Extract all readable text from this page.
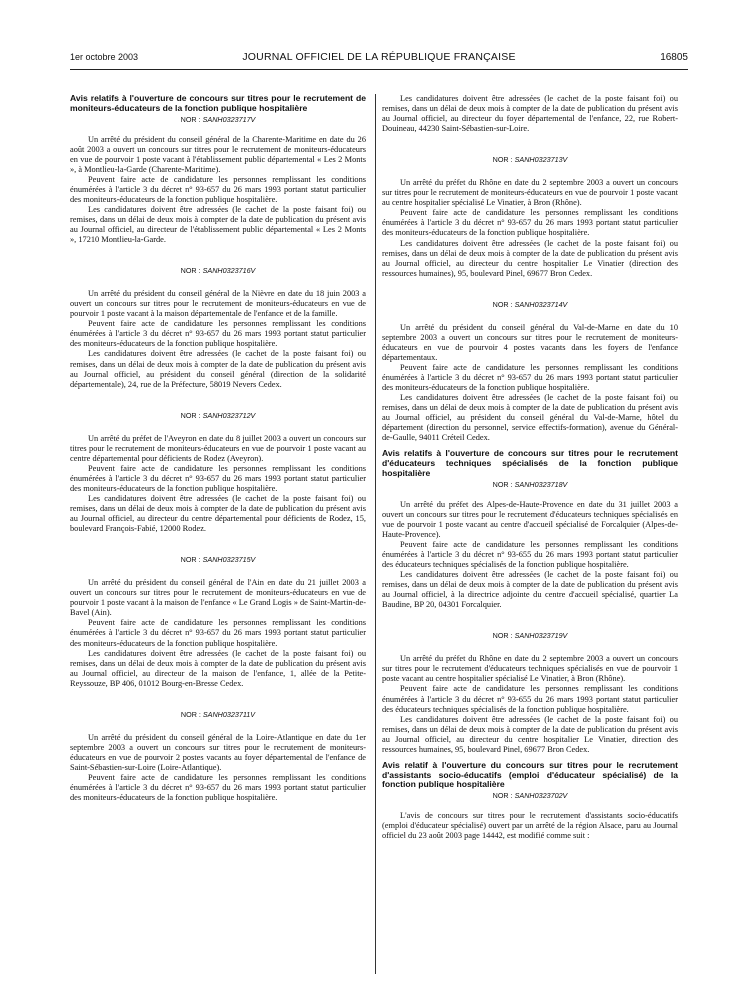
1er octobre 2003	JOURNAL OFFICIEL DE LA RÉPUBLIQUE FRANÇAISE	16805
Avis relatifs à l'ouverture de concours sur titres pour le recrutement de moniteurs-éducateurs de la fonction publique hospitalière
NOR : SANH0323717V

Un arrêté du président du conseil général de la Charente-Maritime en date du 26 août 2003 a ouvert un concours sur titres pour le recrutement de moniteurs-éducateurs en vue de pourvoir 1 poste vacant à l'établissement public départemental « Les 2 Monts », à Montlieu-la-Garde (Charente-Maritime).

Peuvent faire acte de candidature les personnes remplissant les conditions énumérées à l'article 3 du décret n° 93-657 du 26 mars 1993 portant statut particulier des moniteurs-éducateurs de la fonction publique hospitalière.

Les candidatures doivent être adressées (le cachet de la poste faisant foi) ou remises, dans un délai de deux mois à compter de la date de publication du présent avis au Journal officiel, au directeur de l'établissement public départemental « Les 2 Monts », 17210 Montlieu-la-Garde.

NOR : SANH0323716V

Un arrêté du président du conseil général de la Nièvre en date du 18 juin 2003 a ouvert un concours sur titres pour le recrutement de moniteurs-éducateurs en vue de pourvoir 1 poste vacant à la maison départementale de l'enfance et de la famille.

Peuvent faire acte de candidature les personnes remplissant les conditions énumérées à l'article 3 du décret n° 93-657 du 26 mars 1993 portant statut particulier des moniteurs-éducateurs de la fonction publique hospitalière.

Les candidatures doivent être adressées (le cachet de la poste faisant foi) ou remises, dans un délai de deux mois à compter de la date de publication du présent avis au Journal officiel, au président du conseil général (direction de la solidarité départementale), 24, rue de la Préfecture, 58019 Nevers Cedex.

NOR : SANH0323712V

Un arrêté du préfet de l'Aveyron en date du 8 juillet 2003 a ouvert un concours sur titres pour le recrutement de moniteurs-éducateurs en vue de pourvoir 1 poste vacant au centre départemental pour déficients de Rodez (Aveyron).

Peuvent faire acte de candidature les personnes remplissant les conditions énumérées à l'article 3 du décret n° 93-657 du 26 mars 1993 portant statut particulier des moniteurs-éducateurs de la fonction publique hospitalière.

Les candidatures doivent être adressées (le cachet de la poste faisant foi) ou remises, dans un délai de deux mois à compter de la date de publication du présent avis au Journal officiel, au directeur du centre départemental pour déficients de Rodez, 15, boulevard François-Fabié, 12000 Rodez.

NOR : SANH0323715V

Un arrêté du président du conseil général de l'Ain en date du 21 juillet 2003 a ouvert un concours sur titres pour le recrutement de moniteurs-éducateurs en vue de pourvoir 1 poste vacant à la maison de l'enfance « Le Grand Logis » de Saint-Martin-de-Bavel (Ain).

Peuvent faire acte de candidature les personnes remplissant les conditions énumérées à l'article 3 du décret n° 93-657 du 26 mars 1993 portant statut particulier des moniteurs-éducateurs de la fonction publique hospitalière.

Les candidatures doivent être adressées (le cachet de la poste faisant foi) ou remises, dans un délai de deux mois à compter de la date de publication du présent avis au Journal officiel, au directeur de la maison de l'enfance, 1, allée de la Petite-Reyssouze, BP 406, 01012 Bourg-en-Bresse Cedex.

NOR : SANH0323711V

Un arrêté du président du conseil général de la Loire-Atlantique en date du 1er septembre 2003 a ouvert un concours sur titres pour le recrutement de moniteurs-éducateurs en vue de pourvoir 2 postes vacants au foyer départemental de l'enfance de Saint-Sébastien-sur-Loire (Loire-Atlantique).

Peuvent faire acte de candidature les personnes remplissant les conditions énumérées à l'article 3 du décret n° 93-657 du 26 mars 1993 portant statut particulier des moniteurs-éducateurs de la fonction publique hospitalière.

Les candidatures doivent être adressées (le cachet de la poste faisant foi) ou remises, dans un délai de deux mois à compter de la date de publication du présent avis au Journal officiel, au directeur du foyer départemental de l'enfance, 22, rue Robert-Douineau, 44230 Saint-Sébastien-sur-Loire.

NOR : SANH0323713V

Un arrêté du préfet du Rhône en date du 2 septembre 2003 a ouvert un concours sur titres pour le recrutement de moniteurs-éducateurs en vue de pourvoir 1 poste vacant au centre hospitalier spécialisé Le Vinatier, à Bron (Rhône).

Peuvent faire acte de candidature les personnes remplissant les conditions énumérées à l'article 3 du décret n° 93-657 du 26 mars 1993 portant statut particulier des moniteurs-éducateurs de la fonction publique hospitalière.

Les candidatures doivent être adressées (le cachet de la poste faisant foi) ou remises, dans un délai de deux mois à compter de la date de publication du présent avis au Journal officiel, au directeur du centre hospitalier Le Vinatier (direction des ressources humaines), 95, boulevard Pinel, 69677 Bron Cedex.

NOR : SANH0323714V

Un arrêté du président du conseil général du Val-de-Marne en date du 10 septembre 2003 a ouvert un concours sur titres pour le recrutement de moniteurs-éducateurs en vue de pourvoir 4 postes vacants dans les foyers de l'enfance départementaux.

Peuvent faire acte de candidature les personnes remplissant les conditions énumérées à l'article 3 du décret n° 93-657 du 26 mars 1993 portant statut particulier des moniteurs-éducateurs de la fonction publique hospitalière.

Les candidatures doivent être adressées (le cachet de la poste faisant foi) ou remises, dans un délai de deux mois à compter de la date de publication du présent avis au Journal officiel, au président du conseil général du Val-de-Marne, hôtel du département (direction du personnel, service effectifs-formation), avenue du Général-de-Gaulle, 94011 Créteil Cedex.

Avis relatifs à l'ouverture de concours sur titres pour le recrutement d'éducateurs techniques spécialisés de la fonction publique hospitalière
NOR : SANH0323718V

Un arrêté du préfet des Alpes-de-Haute-Provence en date du 31 juillet 2003 a ouvert un concours sur titres pour le recrutement d'éducateurs techniques spécialisés en vue de pourvoir 1 poste vacant au centre d'accueil spécialisé de Forcalquier (Alpes-de-Haute-Provence).

Peuvent faire acte de candidature les personnes remplissant les conditions énumérées à l'article 3 du décret n° 93-655 du 26 mars 1993 portant statut particulier des éducateurs techniques spécialisés de la fonction publique hospitalière.

Les candidatures doivent être adressées (le cachet de la poste faisant foi) ou remises, dans un délai de deux mois à compter de la date de publication du présent avis au Journal officiel, à la directrice adjointe du centre d'accueil spécialisé, quartier La Baudine, BP 20, 04301 Forcalquier.

NOR : SANH0323719V

Un arrêté du préfet du Rhône en date du 2 septembre 2003 a ouvert un concours sur titres pour le recrutement d'éducateurs techniques spécialisés en vue de pourvoir 1 poste vacant au centre hospitalier spécialisé Le Vinatier, à Bron (Rhône).

Peuvent faire acte de candidature les personnes remplissant les conditions énumérées à l'article 3 du décret n° 93-655 du 26 mars 1993 portant statut particulier des éducateurs techniques spécialisés de la fonction publique hospitalière.

Les candidatures doivent être adressées (le cachet de la poste faisant foi) ou remises, dans un délai de deux mois à compter de la date de publication du présent avis au Journal officiel, au directeur du centre hospitalier Le Vinatier, direction des ressources humaines, 95, boulevard Pinel, 69677 Bron Cedex.

Avis relatif à l'ouverture du concours sur titres pour le recrutement d'assistants socio-éducatifs (emploi d'éducateur spécialisé) de la fonction publique hospitalière
NOR : SANH0323702V

L'avis de concours sur titres pour le recrutement d'assistants socio-éducatifs (emploi d'éducateur spécialisé) ouvert par un arrêté de la région Alsace, paru au Journal officiel du 23 août 2003 page 14442, est modifié comme suit :
